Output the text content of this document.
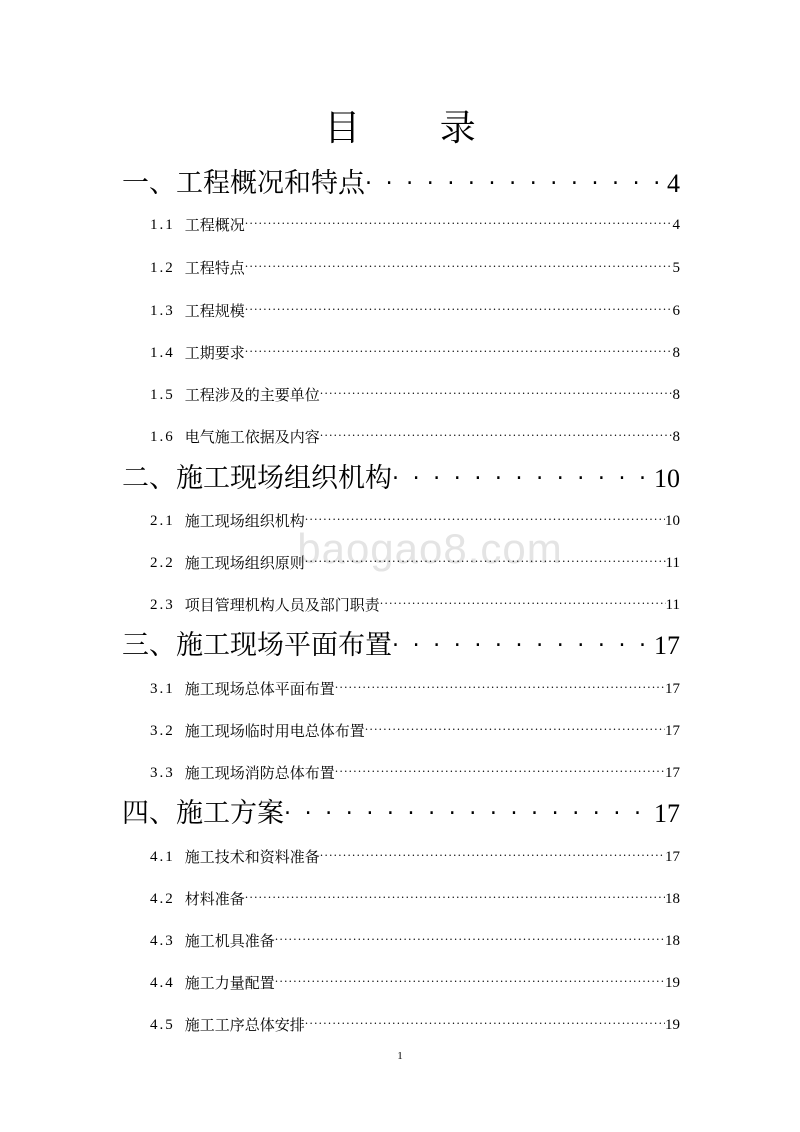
baogao8.com
目 录
一、工程概况和特点 . . .	4
1.1 工程概况 . . .	4
1.2 工程特点 . . .	5
1.3 工程规模 . . .	6
1.4 工期要求 . . .	8
1.5 工程涉及的主要单位 . . .	8
1.6 电气施工依据及内容 . . .	8
二、施工现场组织机构 . . .	10
2.1 施工现场组织机构 . . .	10
2.2 施工现场组织原则 . . .	11
2.3 项目管理机构人员及部门职责 . . .	11
三、施工现场平面布置 . . .	17
3.1 施工现场总体平面布置 . . .	17
3.2 施工现场临时用电总体布置 . . .	17
3.3 施工现场消防总体布置 . . .	17
四、施工方案 . . .	17
4.1 施工技术和资料准备 . . .	17
4.2 材料准备 . . .	18
4.3 施工机具准备 . . .	18
4.4 施工力量配置 . . .	19
4.5 施工工序总体安排 . . .	19
1
